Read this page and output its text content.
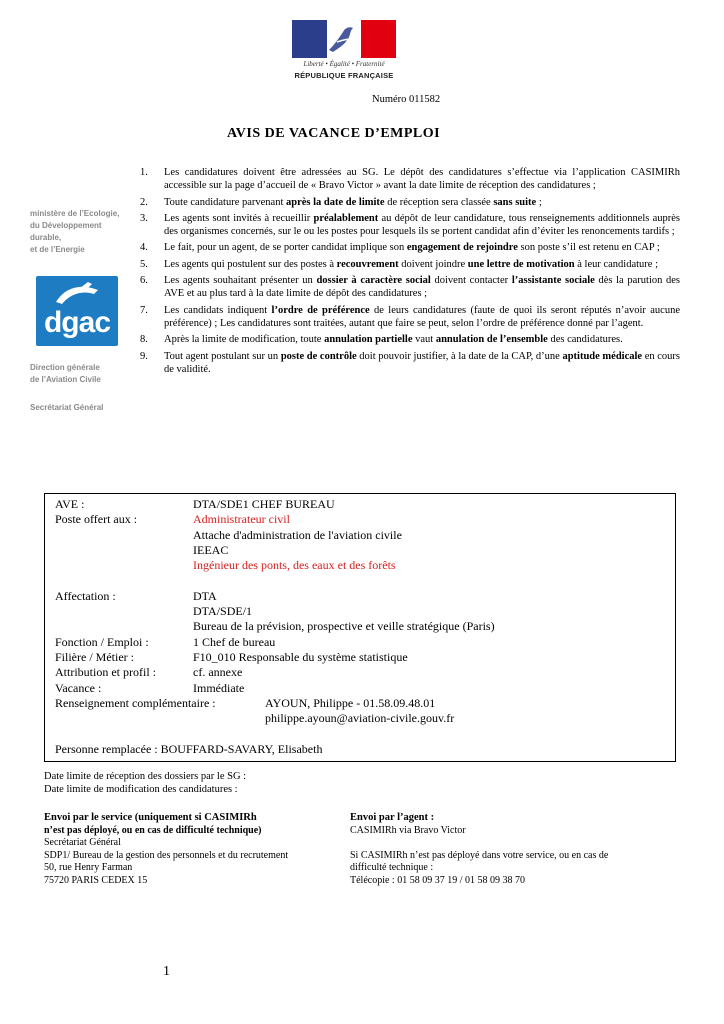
Liberté • Égalité • Fraternité
RÉPUBLIQUE FRANÇAISE
Numéro 011582
AVIS DE VACANCE D’EMPLOI
ministère de l’Ecologie,
du Développement
durable,
et de l’Energie
dgac
Direction générale
de l’Aviation Civile
Secrétariat Général
1. Les candidatures doivent être adressées au SG. Le dépôt des candidatures s’effectue via l’application CASIMIRh accessible sur la page d’accueil de « Bravo Victor » avant la date limite de réception des candidatures ;
2. Toute candidature parvenant après la date de limite de réception sera classée sans suite ;
3. Les agents sont invités à recueillir préalablement au dépôt de leur candidature, tous renseignements additionnels auprès des organismes concernés, sur le ou les postes pour lesquels ils se portent candidat afin d’éviter les renoncements tardifs ;
4. Le fait, pour un agent, de se porter candidat implique son engagement de rejoindre son poste s’il est retenu en CAP ;
5. Les agents qui postulent sur des postes à recouvrement doivent joindre une lettre de motivation à leur candidature ;
6. Les agents souhaitant présenter un dossier à caractère social doivent contacter l’assistante sociale dès la parution des AVE et au plus tard à la date limite de dépôt des candidatures ;
7. Les candidats indiquent l’ordre de préférence de leurs candidatures (faute de quoi ils seront réputés n’avoir aucune préférence) ; Les candidatures sont traitées, autant que faire se peut, selon l’ordre de préférence donné par l’agent.
8. Après la limite de modification, toute annulation partielle vaut annulation de l’ensemble des candidatures.
9. Tout agent postulant sur un poste de contrôle doit pouvoir justifier, à la date de la CAP, d’une aptitude médicale en cours de validité.
AVE :	DTA/SDE1 CHEF BUREAU
Poste offert aux :	Administrateur civil
Attache d'administration de l'aviation civile
IEEAC
Ingénieur des ponts, des eaux et des forêts
Affectation :	DTA
DTA/SDE/1
Bureau de la prévision, prospective et veille stratégique (Paris)
Fonction / Emploi :	1 Chef de bureau
Filière / Métier :	F10_010 Responsable du système statistique
Attribution et profil :	cf. annexe
Vacance :	Immédiate
Renseignement complémentaire :	AYOUN, Philippe - 01.58.09.48.01
philippe.ayoun@aviation-civile.gouv.fr
Personne remplacée : BOUFFARD-SAVARY, Elisabeth
Date limite de réception des dossiers par le SG :
Date limite de modification des candidatures :
Envoi par le service (uniquement si CASIMIRh
n’est pas déployé, ou en cas de difficulté technique)
Secrétariat Général
SDP1/ Bureau de la gestion des personnels et du recrutement
50, rue Henry Farman
75720 PARIS CEDEX 15
Envoi par l’agent :
CASIMIRh via Bravo Victor
Si CASIMIRh n’est pas déployé dans votre service, ou en cas de
difficulté technique :
Télécopie : 01 58 09 37 19 / 01 58 09 38 70
1
